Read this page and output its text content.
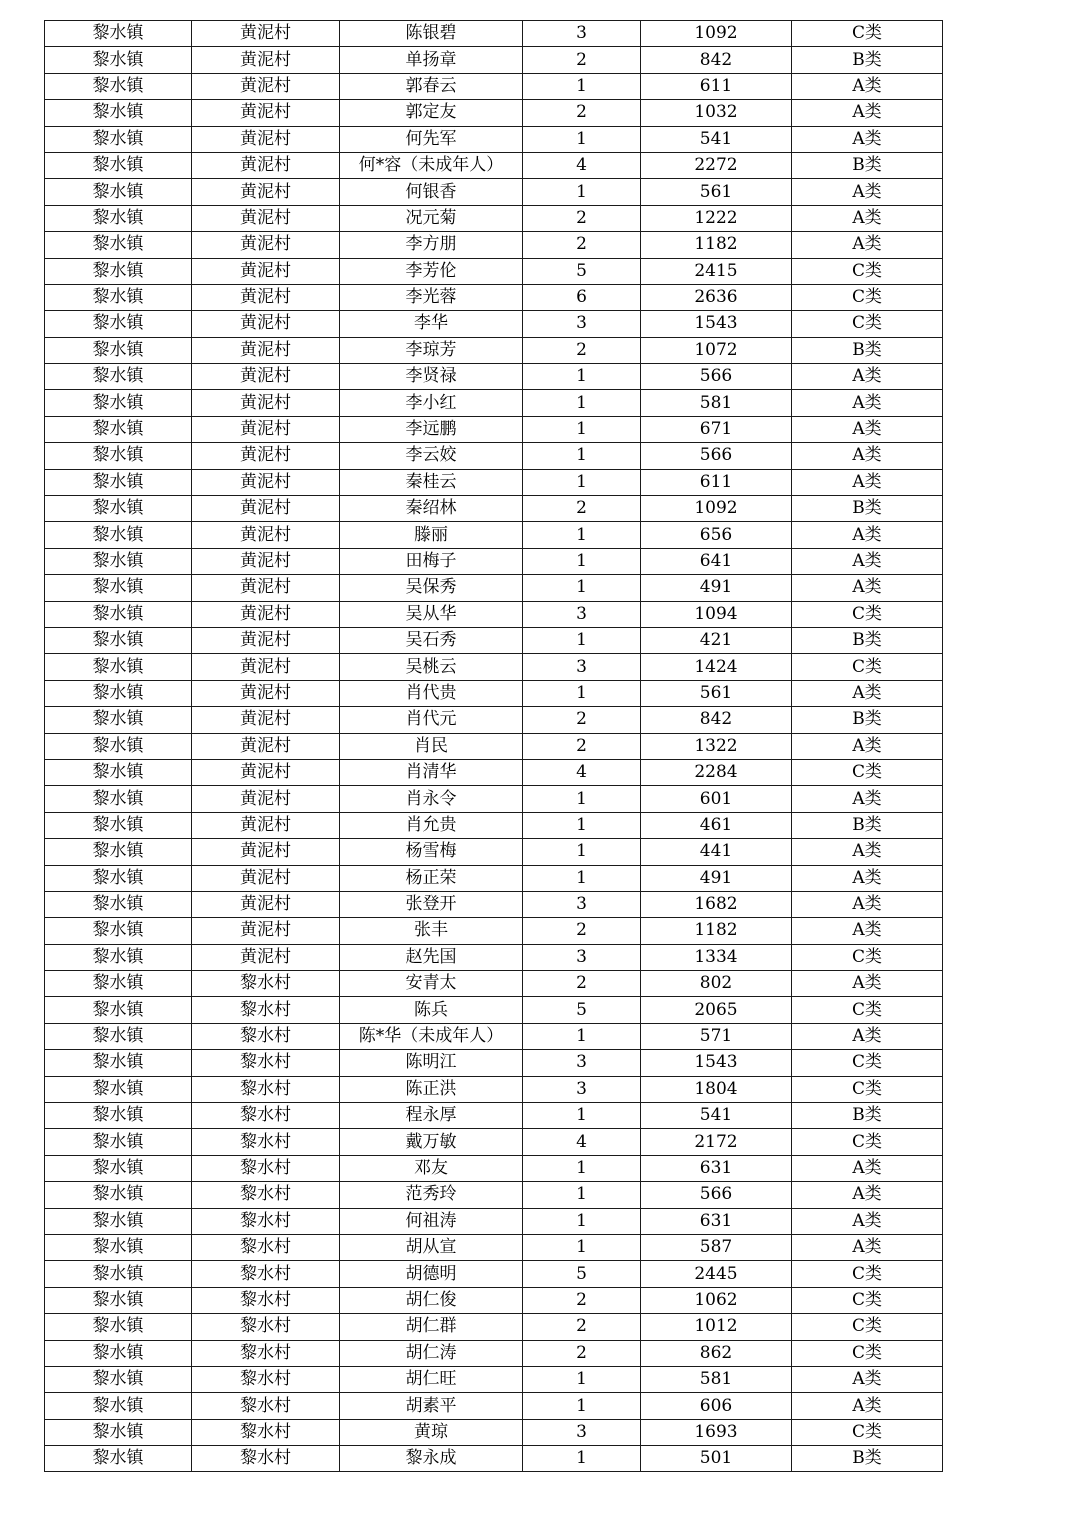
黎水镇	黄泥村	陈银碧	3	1092	C类
黎水镇	黄泥村	单扬章	2	842	B类
黎水镇	黄泥村	郭春云	1	611	A类
黎水镇	黄泥村	郭定友	2	1032	A类
黎水镇	黄泥村	何先军	1	541	A类
黎水镇	黄泥村	何*容（未成年人）	4	2272	B类
黎水镇	黄泥村	何银香	1	561	A类
黎水镇	黄泥村	况元菊	2	1222	A类
黎水镇	黄泥村	李方朋	2	1182	A类
黎水镇	黄泥村	李芳伦	5	2415	C类
黎水镇	黄泥村	李光蓉	6	2636	C类
黎水镇	黄泥村	李华	3	1543	C类
黎水镇	黄泥村	李琼芳	2	1072	B类
黎水镇	黄泥村	李贤禄	1	566	A类
黎水镇	黄泥村	李小红	1	581	A类
黎水镇	黄泥村	李远鹏	1	671	A类
黎水镇	黄泥村	李云姣	1	566	A类
黎水镇	黄泥村	秦桂云	1	611	A类
黎水镇	黄泥村	秦绍林	2	1092	B类
黎水镇	黄泥村	滕丽	1	656	A类
黎水镇	黄泥村	田梅子	1	641	A类
黎水镇	黄泥村	吴保秀	1	491	A类
黎水镇	黄泥村	吴从华	3	1094	C类
黎水镇	黄泥村	吴石秀	1	421	B类
黎水镇	黄泥村	吴桃云	3	1424	C类
黎水镇	黄泥村	肖代贵	1	561	A类
黎水镇	黄泥村	肖代元	2	842	B类
黎水镇	黄泥村	肖民	2	1322	A类
黎水镇	黄泥村	肖清华	4	2284	C类
黎水镇	黄泥村	肖永令	1	601	A类
黎水镇	黄泥村	肖允贵	1	461	B类
黎水镇	黄泥村	杨雪梅	1	441	A类
黎水镇	黄泥村	杨正荣	1	491	A类
黎水镇	黄泥村	张登开	3	1682	A类
黎水镇	黄泥村	张丰	2	1182	A类
黎水镇	黄泥村	赵先国	3	1334	C类
黎水镇	黎水村	安青太	2	802	A类
黎水镇	黎水村	陈兵	5	2065	C类
黎水镇	黎水村	陈*华（未成年人）	1	571	A类
黎水镇	黎水村	陈明江	3	1543	C类
黎水镇	黎水村	陈正洪	3	1804	C类
黎水镇	黎水村	程永厚	1	541	B类
黎水镇	黎水村	戴万敏	4	2172	C类
黎水镇	黎水村	邓友	1	631	A类
黎水镇	黎水村	范秀玲	1	566	A类
黎水镇	黎水村	何祖涛	1	631	A类
黎水镇	黎水村	胡从宣	1	587	A类
黎水镇	黎水村	胡德明	5	2445	C类
黎水镇	黎水村	胡仁俊	2	1062	C类
黎水镇	黎水村	胡仁群	2	1012	C类
黎水镇	黎水村	胡仁涛	2	862	C类
黎水镇	黎水村	胡仁旺	1	581	A类
黎水镇	黎水村	胡素平	1	606	A类
黎水镇	黎水村	黄琼	3	1693	C类
黎水镇	黎水村	黎永成	1	501	B类
